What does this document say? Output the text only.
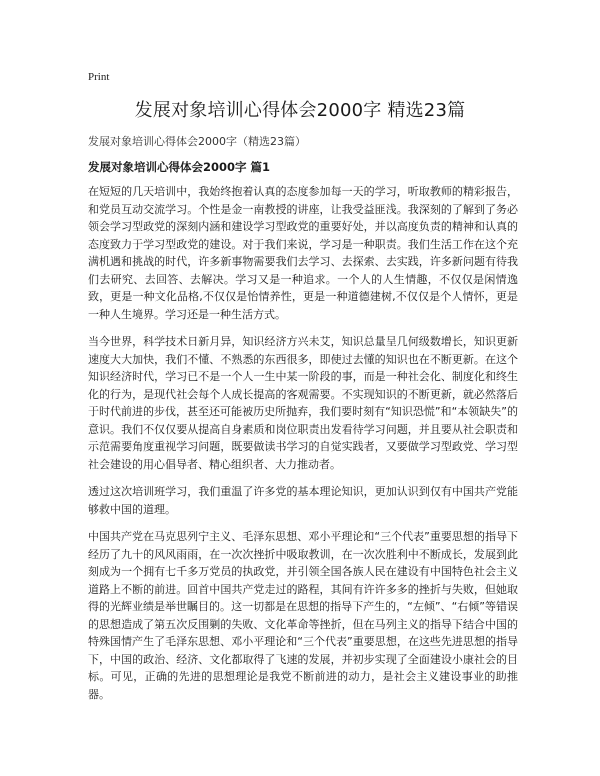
Print
发展对象培训心得体会2000字 精选23篇

发展对象培训心得体会2000字（精选23篇）

发展对象培训心得体会2000字 篇1

在短短的几天培训中，我始终抱着认真的态度参加每一天的学习，听取教师的精彩报告，和党员互动交流学习。个性是金一南教授的讲座，让我受益匪浅。我深刻的了解到了务必领会学习型政党的深刻内涵和建设学习型政党的重要好处，并以高度负责的精神和认真的态度致力于学习型政党的建设。对于我们来说，学习是一种职责。我们生活工作在这个充满机遇和挑战的时代，许多新事物需要我们去学习、去探索、去实践，许多新问题有待我们去研究、去回答、去解决。学习又是一种追求。一个人的人生情趣，不仅仅是闲情逸致，更是一种文化品格,不仅仅是怡情养性，更是一种道德建树,不仅仅是个人情怀，更是一种人生境界。学习还是一种生活方式。

当今世界，科学技术日新月异，知识经济方兴未艾，知识总量呈几何级数增长，知识更新速度大大加快，我们不懂、不熟悉的东西很多，即使过去懂的知识也在不断更新。在这个知识经济时代，学习已不是一个人一生中某一阶段的事，而是一种社会化、制度化和终生化的行为，是现代社会每个人成长提高的客观需要。不实现知识的不断更新，就必然落后于时代前进的步伐，甚至还可能被历史所抛弃，我们要时刻有“知识恐慌”和“本领缺失”的意识。我们不仅仅要从提高自身素质和岗位职责出发看待学习问题，并且要从社会职责和示范需要角度重视学习问题，既要做读书学习的自觉实践者，又要做学习型政党、学习型社会建设的用心倡导者、精心组织者、大力推动者。

透过这次培训班学习，我们重温了许多党的基本理论知识，更加认识到仅有中国共产党能够救中国的道理。

中国共产党在马克思列宁主义、毛泽东思想、邓小平理论和“三个代表”重要思想的指导下经历了九十的风风雨雨，在一次次挫折中吸取教训，在一次次胜利中不断成长，发展到此刻成为一个拥有七千多万党员的执政党，并引领全国各族人民在建设有中国特色社会主义道路上不断的前进。回首中国共产党走过的路程，其间有许许多多的挫折与失败，但她取得的光辉业绩是举世瞩目的。这一切都是在思想的指导下产生的，“左倾”、“右倾”等错误的思想造成了第五次反围剿的失败、文化革命等挫折，但在马列主义的指导下结合中国的特殊国情产生了毛泽东思想、邓小平理论和“三个代表”重要思想，在这些先进思想的指导下，中国的政治、经济、文化都取得了飞速的发展，并初步实现了全面建设小康社会的目标。可见，正确的先进的思想理论是我党不断前进的动力，是社会主义建设事业的助推器。
